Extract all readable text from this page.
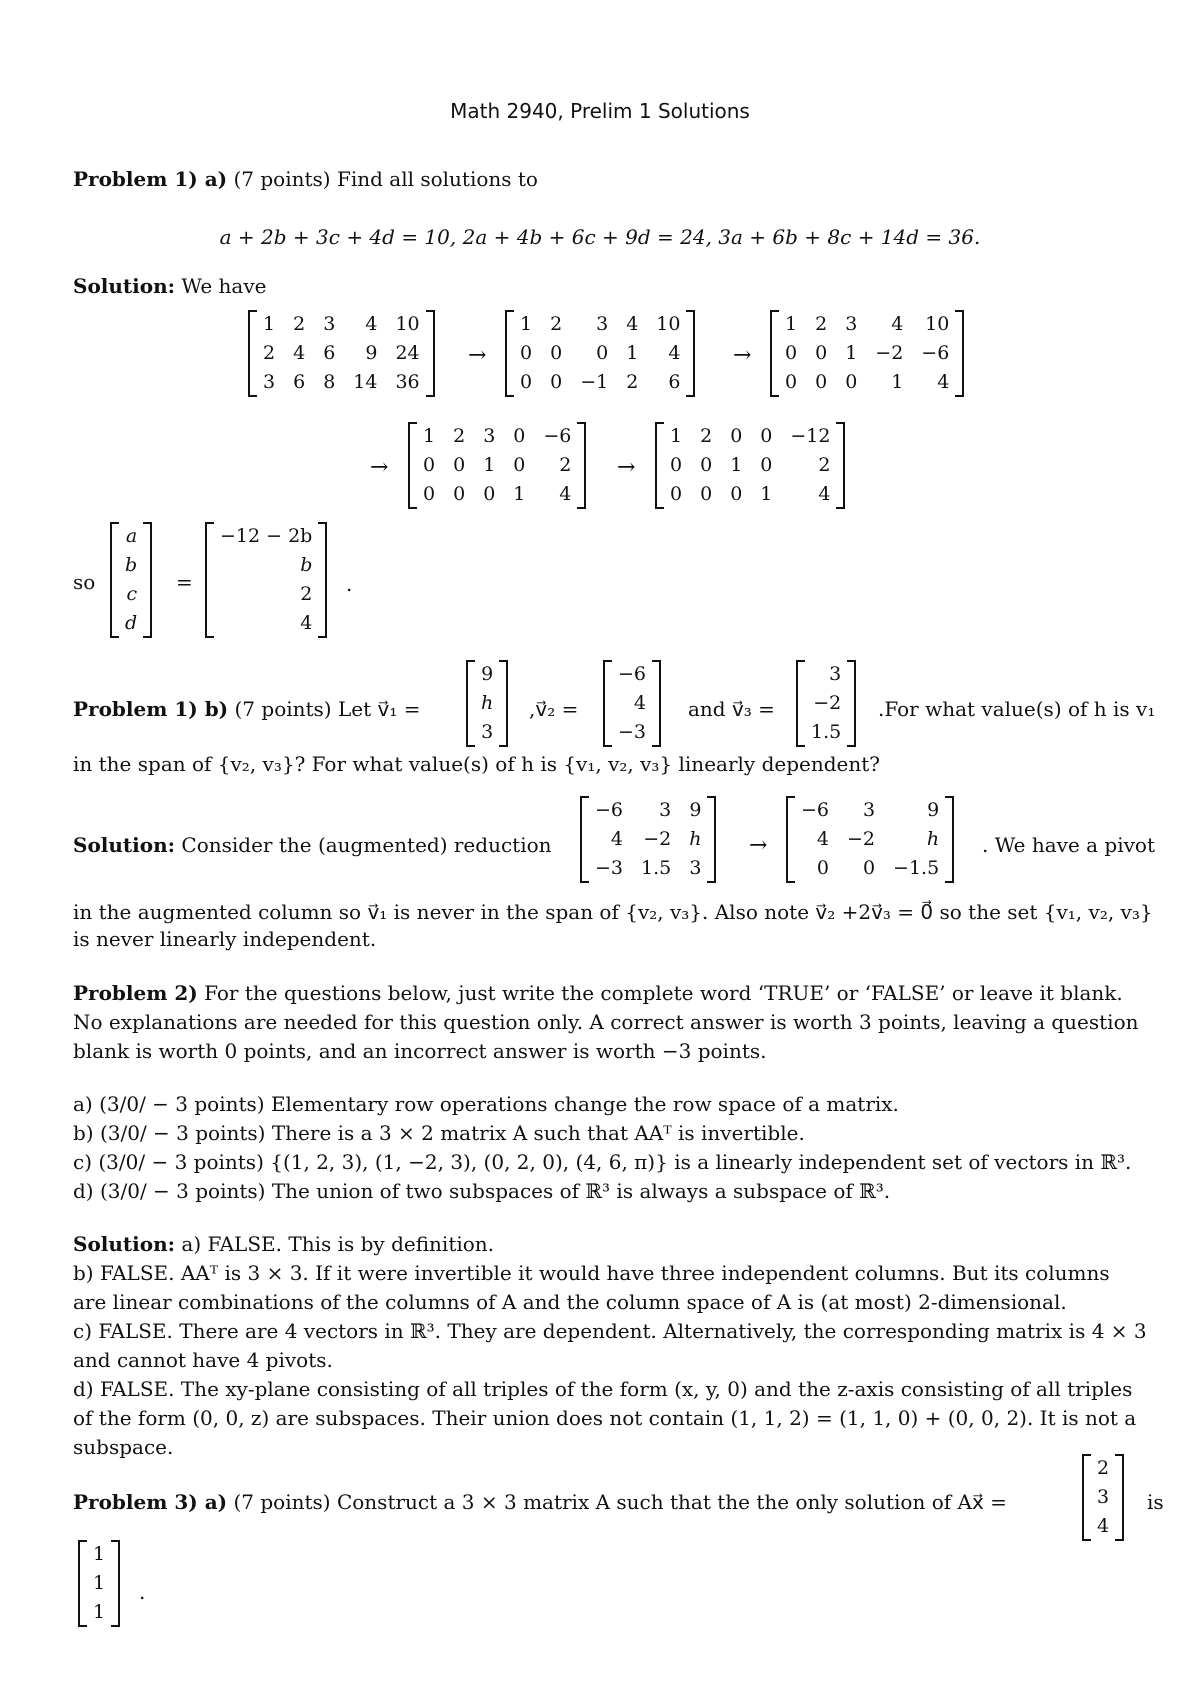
Math 2940, Prelim 1 Solutions
Problem 1) a) (7 points) Find all solutions to
a + 2b + 3c + 4d = 10, 2a + 4b + 6c + 9d = 24, 3a + 6b + 8c + 14d = 36.
Solution: We have
1	2	3	4	10
2	4	6	9	24
3	6	8	14	36
→
1	2	3	4	10
0	0	0	1	4
0	0	−1	2	6
→
1	2	3	4	10
0	0	1	−2	−6
0	0	0	1	4
→
1	2	3	0	−6
0	0	1	0	2
0	0	0	1	4
→
1	2	0	0	−12
0	0	1	0	2
0	0	0	1	4
so
a
b
c
d
=
−12 − 2b
b
2
4
.
Problem 1) b) (7 points) Let v⃗₁ =
9
h
3
,v⃗₂ =
−6
4
−3
and v⃗₃ =
3
−2
1.5
.For what value(s) of h is v₁
in the span of {v₂, v₃}? For what value(s) of h is {v₁, v₂, v₃} linearly dependent?
Solution: Consider the (augmented) reduction
−6	3	9
4	−2	h
−3	1.5	3
→
−6	3	9
4	−2	h
0	0	−1.5
. We have a pivot
in the augmented column so v⃗₁ is never in the span of {v₂, v₃}. Also note v⃗₂ +2v⃗₃ = 0⃗ so the set {v₁, v₂, v₃}
is never linearly independent.
Problem 2) For the questions below, just write the complete word ‘TRUE’ or ‘FALSE’ or leave it blank.
No explanations are needed for this question only. A correct answer is worth 3 points, leaving a question
blank is worth 0 points, and an incorrect answer is worth −3 points.
a) (3/0/ − 3 points) Elementary row operations change the row space of a matrix.
b) (3/0/ − 3 points) There is a 3 × 2 matrix A such that AAᵀ is invertible.
c) (3/0/ − 3 points) {(1, 2, 3), (1, −2, 3), (0, 2, 0), (4, 6, π)} is a linearly independent set of vectors in ℝ³.
d) (3/0/ − 3 points) The union of two subspaces of ℝ³ is always a subspace of ℝ³.
Solution: a) FALSE. This is by definition.
b) FALSE. AAᵀ is 3 × 3. If it were invertible it would have three independent columns. But its columns
are linear combinations of the columns of A and the column space of A is (at most) 2-dimensional.
c) FALSE. There are 4 vectors in ℝ³. They are dependent. Alternatively, the corresponding matrix is 4 × 3
and cannot have 4 pivots.
d) FALSE. The xy-plane consisting of all triples of the form (x, y, 0) and the z-axis consisting of all triples
of the form (0, 0, z) are subspaces. Their union does not contain (1, 1, 2) = (1, 1, 0) + (0, 0, 2). It is not a
subspace.
Problem 3) a) (7 points) Construct a 3 × 3 matrix A such that the the only solution of Ax⃗ =
2
3
4
is
1
1
1
.
